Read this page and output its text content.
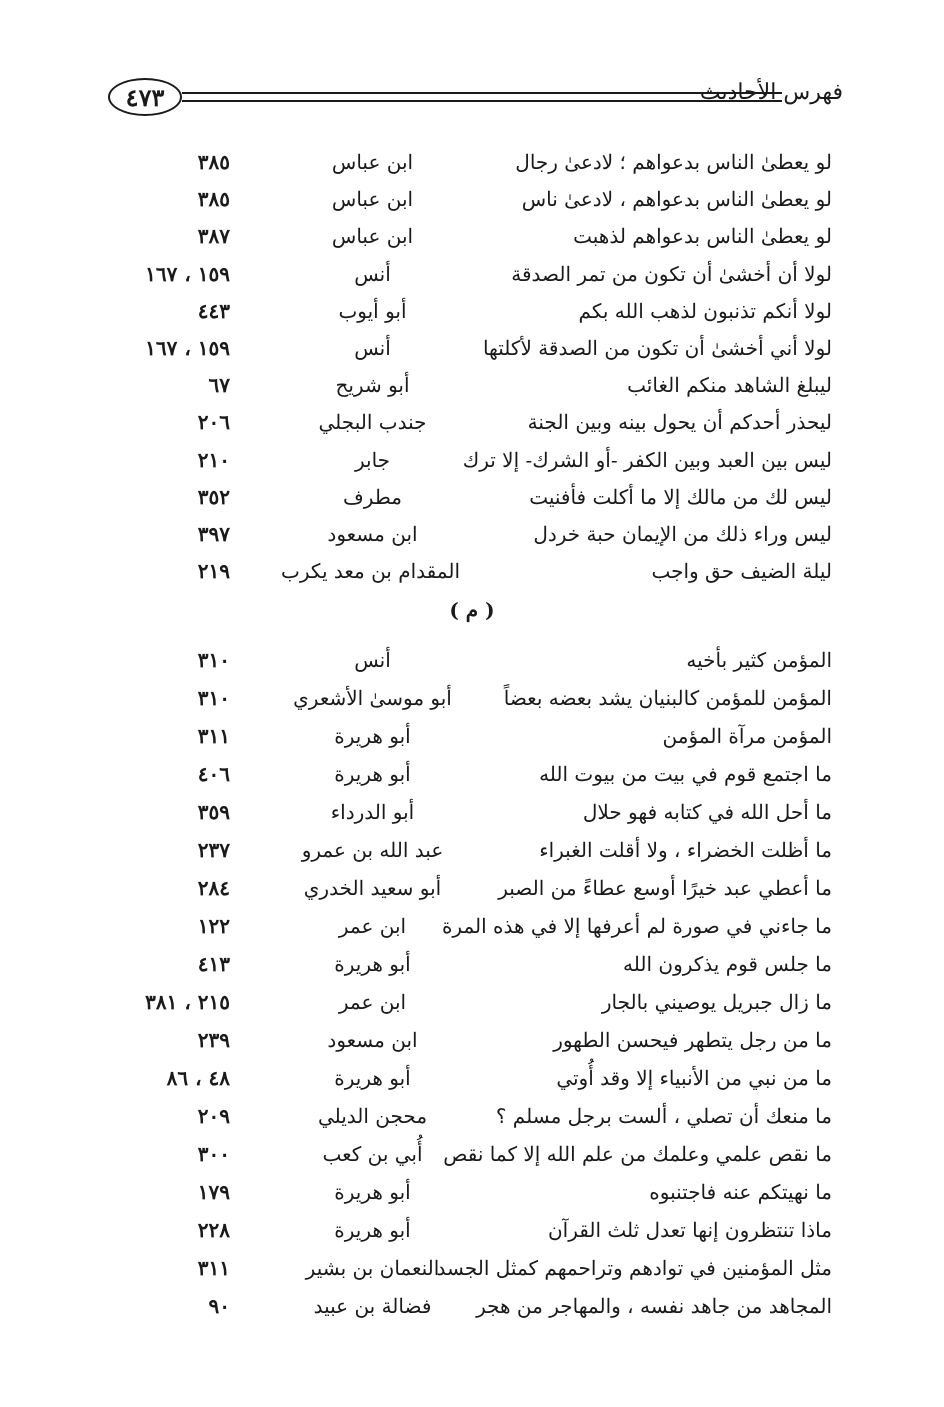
٤٧٣	فهرس الأحاديث
لو يعطىٰ الناس بدعواهم ؛ لادعىٰ رجال
ابن عباس
٣٨٥
لو يعطىٰ الناس بدعواهم ، لادعىٰ ناس
ابن عباس
٣٨٥
لو يعطىٰ الناس بدعواهم لذهبت
ابن عباس
٣٨٧
لولا أن أخشىٰ أن تكون من تمر الصدقة
أنس
١٥٩ ، ١٦٧
لولا أنكم تذنبون لذهب الله بكم
أبو أيوب
٤٤٣
لولا أني أخشىٰ أن تكون من الصدقة لأكلتها
أنس
١٥٩ ، ١٦٧
ليبلغ الشاهد منكم الغائب
أبو شريح
٦٧
ليحذر أحدكم أن يحول بينه وبين الجنة
جندب البجلي
٢٠٦
ليس بين العبد وبين الكفر -أو الشرك- إلا ترك
جابر
٢١٠
ليس لك من مالك إلا ما أكلت فأفنيت
مطرف
٣٥٢
ليس وراء ذلك من الإيمان حبة خردل
ابن مسعود
٣٩٧
ليلة الضيف حق واجب
المقدام بن معد يكرب
٢١٩
( م )
المؤمن كثير بأخيه
أنس
٣١٠
المؤمن للمؤمن كالبنيان يشد بعضه بعضاً
أبو موسىٰ الأشعري
٣١٠
المؤمن مرآة المؤمن
أبو هريرة
٣١١
ما اجتمع قوم في بيت من بيوت الله
أبو هريرة
٤٠٦
ما أحل الله في كتابه فهو حلال
أبو الدرداء
٣٥٩
ما أظلت الخضراء ، ولا أقلت الغبراء
عبد الله بن عمرو
٢٣٧
ما أعطي عبد خيرًا أوسع عطاءً من الصبر
أبو سعيد الخدري
٢٨٤
ما جاءني في صورة لم أعرفها إلا في هذه المرة
ابن عمر
١٢٢
ما جلس قوم يذكرون الله
أبو هريرة
٤١٣
ما زال جبريل يوصيني بالجار
ابن عمر
٢١٥ ، ٣٨١
ما من رجل يتطهر فيحسن الطهور
ابن مسعود
٢٣٩
ما من نبي من الأنبياء إلا وقد أُوتي
أبو هريرة
٤٨ ، ٨٦
ما منعك أن تصلي ، ألست برجل مسلم ؟
محجن الديلي
٢٠٩
ما نقص علمي وعلمك من علم الله إلا كما نقص
أُبي بن كعب
٣٠٠
ما نهيتكم عنه فاجتنبوه
أبو هريرة
١٧٩
ماذا تنتظرون إنها تعدل ثلث القرآن
أبو هريرة
٢٢٨
مثل المؤمنين في توادهم وتراحمهم كمثل الجسد
النعمان بن بشير
٣١١
المجاهد من جاهد نفسه ، والمهاجر من هجر
فضالة بن عبيد
٩٠
